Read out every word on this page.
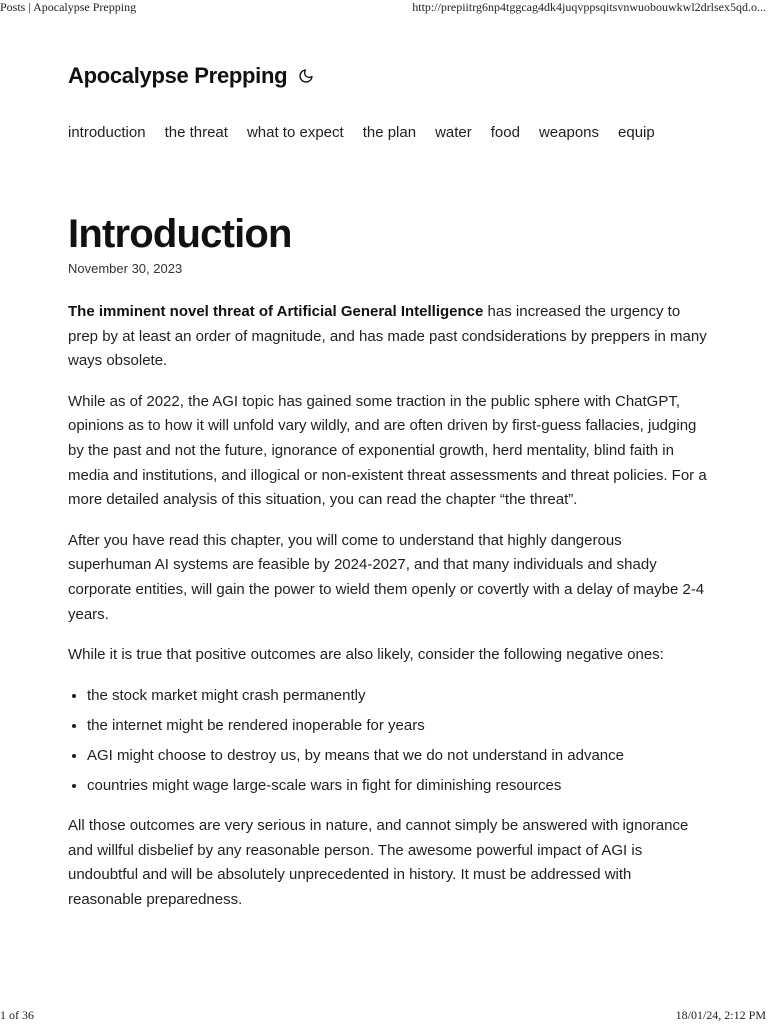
Posts | Apocalypse Prepping	http://prepiitrg6np4tggcag4dk4juqvppsqitsvnwuobouwkwl2drlsex5qd.o...
Apocalypse Prepping
introduction the threat what to expect the plan water food weapons equip
Introduction
November 30, 2023

The imminent novel threat of Artificial General Intelligence has increased the urgency to prep by at least an order of magnitude, and has made past condsiderations by preppers in many ways obsolete.

While as of 2022, the AGI topic has gained some traction in the public sphere with ChatGPT, opinions as to how it will unfold vary wildly, and are often driven by first-guess fallacies, judging by the past and not the future, ignorance of exponential growth, herd mentality, blind faith in media and institutions, and illogical or non-existent threat assessments and threat policies. For a more detailed analysis of this situation, you can read the chapter “the threat”.

After you have read this chapter, you will come to understand that highly dangerous superhuman AI systems are feasible by 2024-2027, and that many individuals and shady corporate entities, will gain the power to wield them openly or covertly with a delay of maybe 2-4 years.

While it is true that positive outcomes are also likely, consider the following negative ones:

• the stock market might crash permanently
• the internet might be rendered inoperable for years
• AGI might choose to destroy us, by means that we do not understand in advance
• countries might wage large-scale wars in fight for diminishing resources

All those outcomes are very serious in nature, and cannot simply be answered with ignorance and willful disbelief by any reasonable person. The awesome powerful impact of AGI is undoubtful and will be absolutely unprecedented in history. It must be addressed with reasonable preparedness.

1 of 36	18/01/24, 2:12 PM
